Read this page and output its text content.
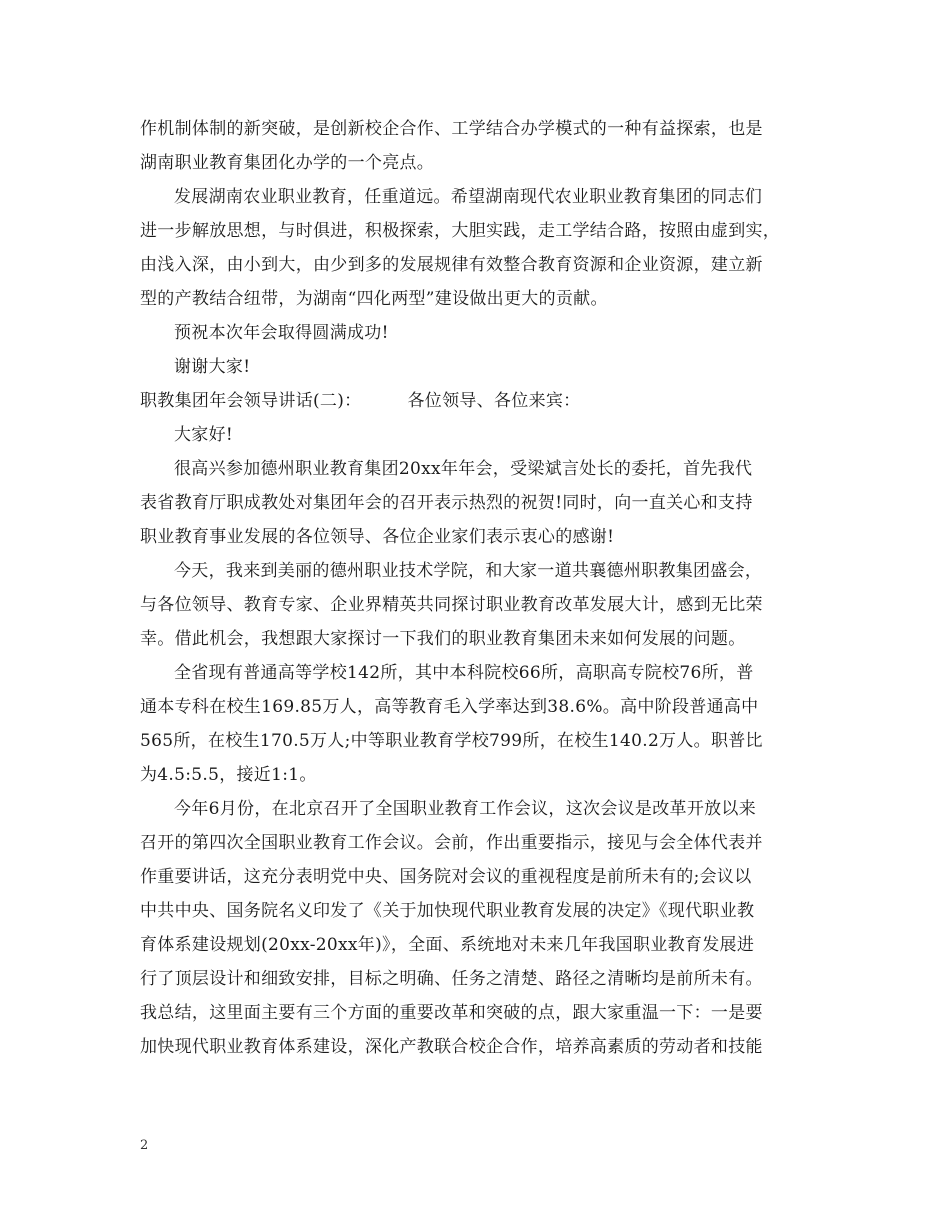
作机制体制的新突破，是创新校企合作、工学结合办学模式的一种有益探索，也是
湖南职业教育集团化办学的一个亮点。
发展湖南农业职业教育，任重道远。希望湖南现代农业职业教育集团的同志们
进一步解放思想，与时俱进，积极探索，大胆实践，走工学结合路，按照由虚到实，
由浅入深，由小到大，由少到多的发展规律有效整合教育资源和企业资源，建立新
型的产教结合纽带，为湖南“四化两型”建设做出更大的贡献。
预祝本次年会取得圆满成功!
谢谢大家!
职教集团年会领导讲话(二)：	各位领导、各位来宾：
大家好!
很高兴参加德州职业教育集团20xx年年会，受梁斌言处长的委托，首先我代
表省教育厅职成教处对集团年会的召开表示热烈的祝贺!同时，向一直关心和支持
职业教育事业发展的各位领导、各位企业家们表示衷心的感谢!
今天，我来到美丽的德州职业技术学院，和大家一道共襄德州职教集团盛会，
与各位领导、教育专家、企业界精英共同探讨职业教育改革发展大计，感到无比荣
幸。借此机会，我想跟大家探讨一下我们的职业教育集团未来如何发展的问题。
全省现有普通高等学校142所，其中本科院校66所，高职高专院校76所，普
通本专科在校生169.85万人，高等教育毛入学率达到38.6%。高中阶段普通高中
565所，在校生170.5万人;中等职业教育学校799所，在校生140.2万人。职普比
为4.5:5.5，接近1:1。
今年6月份，在北京召开了全国职业教育工作会议，这次会议是改革开放以来
召开的第四次全国职业教育工作会议。会前，作出重要指示，接见与会全体代表并
作重要讲话，这充分表明党中央、国务院对会议的重视程度是前所未有的;会议以
中共中央、国务院名义印发了《关于加快现代职业教育发展的决定》《现代职业教
育体系建设规划(20xx-20xx年)》，全面、系统地对未来几年我国职业教育发展进
行了顶层设计和细致安排，目标之明确、任务之清楚、路径之清晰均是前所未有。
我总结，这里面主要有三个方面的重要改革和突破的点，跟大家重温一下：一是要
加快现代职业教育体系建设，深化产教联合校企合作，培养高素质的劳动者和技能
2
